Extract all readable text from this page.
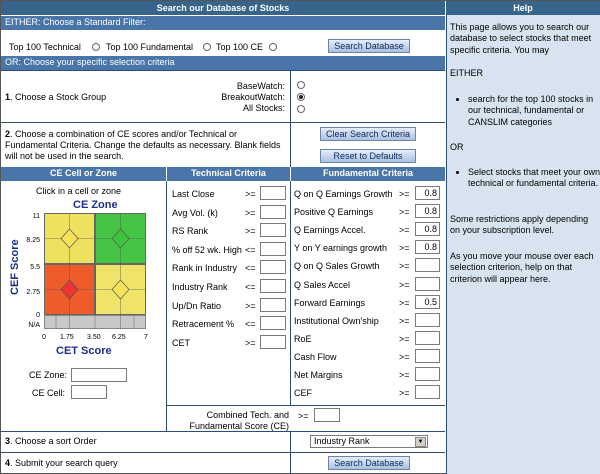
Search our Database of Stocks	Help
EITHER: Choose a Standard Filter:
Top 100 Technical	Top 100 Fundamental	Top 100 CE	Search Database
OR: Choose your specific selection criteria
1. Choose a Stock Group
BaseWatch:
BreakoutWatch:
All Stocks:
2. Choose a combination of CE scores and/or Technical or Fundamental Criteria. Change the defaults as necessary. Blank fields will not be used in the search.
Clear Search Criteria
Reset to Defaults
CE Cell or Zone	Technical Criteria	Fundamental Criteria
Click in a cell or zone
CE Zone
CEF Score
CET Score
11
8.25
5.5
2.75
0
N/A
0 1.75 3.50 6.25	7
CE Zone:
CE Cell:
Last Close	>=
Avg Vol. (k)	>=
RS Rank	>=
% off 52 wk. High <=
Rank in Industry <=
Industry Rank <=
Up/Dn Ratio	>=
Retracement % <=
CET	>=
Q on Q Earnings Growth >=	0.8
Positive Q Earnings	>=	0.8
Q Earnings Accel.	>=	0.8
Y on Y earnings growth >=	0.8
Q on Q Sales Growth >=
Q Sales Accel	>=
Forward Earnings	>=	0.5
Institutional Own'ship >=
RoE	>=
Cash Flow	>=
Net Margins	>=
CEF	>=
Combined Tech. and
Fundamental Score (CE)
>=
3. Choose a sort Order	Industry Rank	▼
4. Submit your search query	Search Database
This page allows you to search our database to select stocks that meet specific criteria. You may
EITHER
• search for the top 100 stocks in our technical, fundamental or CANSLIM categories
OR
• Select stocks that meet your own technical or fundamental criteria.
Some restrictions apply depending on your subscription level.
As you move your mouse over each selection criterion, help on that criterion will appear here.
